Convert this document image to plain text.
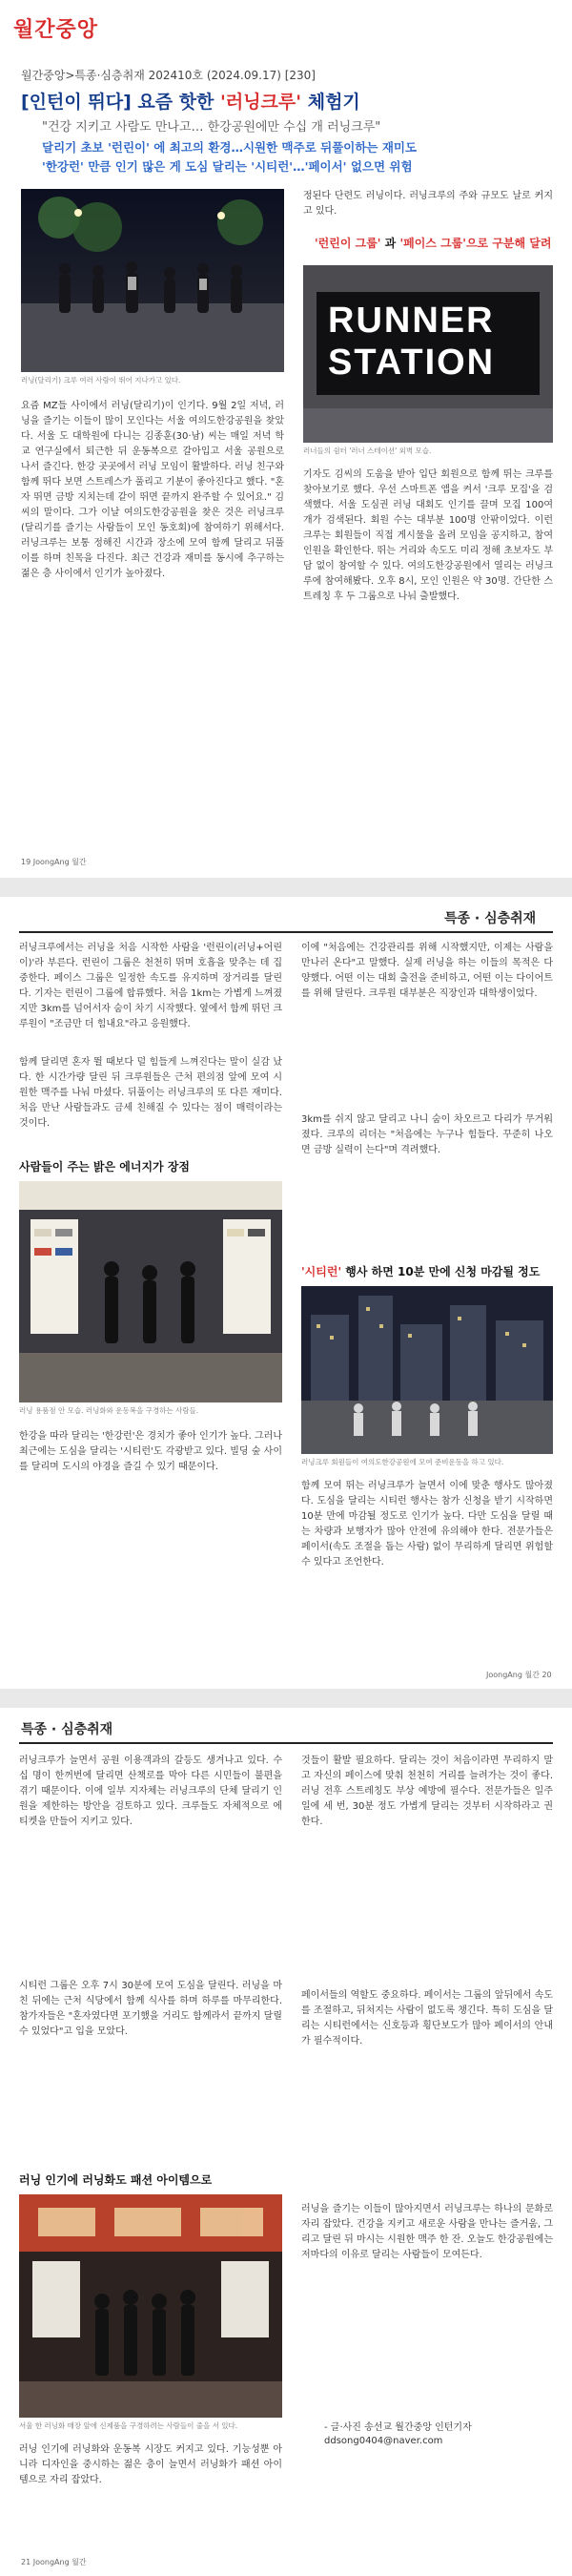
월간중앙
월간중앙>특종·심층취재 202410호 (2024.09.17) [230]
[인턴이 뛰다] 요즘 핫한 '러닝크루' 체험기
"건강 지키고 사람도 만나고… 한강공원에만 수십 개 러닝크루"
달리기 초보 '런린이' 에 최고의 환경…시원한 맥주로 뒤풀이하는 재미도
'한강런' 만큼 인기 많은 게 도심 달리는 '시티런'…'페이서' 없으면 위험
러닝(달리기) 크루 여러 사람이 뛰어 지나가고 있다.
요즘 MZ들 사이에서 러닝(달리기)이 인기다. 9월 2일 저녁, 러닝을 즐기는 이들이 많이 모인다는 서울 여의도한강공원을 찾았다. 서울 도 대학원에 다니는 김종훈(30·남) 씨는 매일 저녁 학교 연구실에서 퇴근한 뒤 운동복으로 갈아입고 서울 공원으로 나서 즐긴다. 한강 곳곳에서 러닝 모임이 활발하다. 러닝 친구와 함께 뛰다 보면 스트레스가 풀리고 기분이 좋아진다고 했다. "혼자 뛰면 금방 지치는데 같이 뛰면 끝까지 완주할 수 있어요." 김씨의 말이다. 그가 이날 여의도한강공원을 찾은 것은 러닝크루(달리기를 즐기는 사람들이 모인 동호회)에 참여하기 위해서다. 러닝크루는 보통 정해진 시간과 장소에 모여 함께 달리고 뒤풀이를 하며 친목을 다진다. 최근 건강과 재미를 동시에 추구하는 젊은 층 사이에서 인기가 높아졌다.
정된다 단련도 러닝이다. 러닝크루의 주와 규모도 날로 커지고 있다.
'런린이 그룹' 과 '페이스 그룹'으로 구분해 달려
RUNNER
STATION
러너들의 쉼터 '러너 스테이션' 외벽 모습.
기자도 김씨의 도움을 받아 입단 회원으로 함께 뛰는 크루를 찾아보기로 했다. 우선 스마트폰 앱을 켜서 '크루 모집'을 검색했다. 서울 도심권 러닝 대회도 인기를 끌며 모집 100여 개가 검색된다. 회원 수는 대부분 100명 안팎이었다. 이런 크루는 회원들이 직접 게시물을 올려 모임을 공지하고, 참여 인원을 확인한다. 뛰는 거리와 속도도 미리 정해 초보자도 부담 없이 참여할 수 있다. 여의도한강공원에서 열리는 러닝크루에 참여해봤다. 오후 8시, 모인 인원은 약 30명. 간단한 스트레칭 후 두 그룹으로 나눠 출발했다.
19 JoongAng 월간
특종 · 심층취재
러닝크루에서는 러닝을 처음 시작한 사람을 '런린이(러닝+어린이)'라 부른다. 런린이 그룹은 천천히 뛰며 호흡을 맞추는 데 집중한다. 페이스 그룹은 일정한 속도를 유지하며 장거리를 달린다. 기자는 런린이 그룹에 합류했다. 처음 1km는 가볍게 느껴졌지만 3km를 넘어서자 숨이 차기 시작했다. 옆에서 함께 뛰던 크루원이 "조금만 더 힘내요"라고 응원했다.
함께 달리면 혼자 뛸 때보다 덜 힘들게 느껴진다는 말이 실감 났다. 한 시간가량 달린 뒤 크루원들은 근처 편의점 앞에 모여 시원한 맥주를 나눠 마셨다. 뒤풀이는 러닝크루의 또 다른 재미다. 처음 만난 사람들과도 금세 친해질 수 있다는 점이 매력이라는 것이다.
사람들이 주는 밝은 에너지가 장점
러닝 용품점 안 모습. 러닝화와 운동복을 구경하는 사람들.
한강을 따라 달리는 '한강런'은 경치가 좋아 인기가 높다. 그러나 최근에는 도심을 달리는 '시티런'도 각광받고 있다. 빌딩 숲 사이를 달리며 도시의 야경을 즐길 수 있기 때문이다.
이에 "처음에는 건강관리를 위해 시작했지만, 이제는 사람을 만나러 온다"고 말했다. 실제 러닝을 하는 이들의 목적은 다양했다. 어떤 이는 대회 출전을 준비하고, 어떤 이는 다이어트를 위해 달린다. 크루원 대부분은 직장인과 대학생이었다.
3km를 쉬지 않고 달리고 나니 숨이 차오르고 다리가 무거워졌다. 크루의 리더는 "처음에는 누구나 힘들다. 꾸준히 나오면 금방 실력이 는다"며 격려했다.
'시티런' 행사 하면 10분 만에 신청 마감될 정도
러닝크루 회원들이 여의도한강공원에 모여 준비운동을 하고 있다.
함께 모여 뛰는 러닝크루가 늘면서 이에 맞춘 행사도 많아졌다. 도심을 달리는 시티런 행사는 참가 신청을 받기 시작하면 10분 만에 마감될 정도로 인기가 높다. 다만 도심을 달릴 때는 차량과 보행자가 많아 안전에 유의해야 한다. 전문가들은 페이서(속도 조절을 돕는 사람) 없이 무리하게 달리면 위험할 수 있다고 조언한다.
JoongAng 월간 20
특종 · 심층취재
러닝크루가 늘면서 공원 이용객과의 갈등도 생겨나고 있다. 수십 명이 한꺼번에 달리면 산책로를 막아 다른 시민들이 불편을 겪기 때문이다. 이에 일부 지자체는 러닝크루의 단체 달리기 인원을 제한하는 방안을 검토하고 있다. 크루들도 자체적으로 에티켓을 만들어 지키고 있다.
시티런 그룹은 오후 7시 30분에 모여 도심을 달린다. 러닝을 마친 뒤에는 근처 식당에서 함께 식사를 하며 하루를 마무리한다. 참가자들은 "혼자였다면 포기했을 거리도 함께라서 끝까지 달릴 수 있었다"고 입을 모았다.
러닝 인기에 러닝화도 패션 아이템으로
서울 한 러닝화 매장 앞에 신제품을 구경하려는 사람들이 줄을 서 있다.
러닝 인기에 러닝화와 운동복 시장도 커지고 있다. 기능성뿐 아니라 디자인을 중시하는 젊은 층이 늘면서 러닝화가 패션 아이템으로 자리 잡았다.
것들이 활발 필요하다. 달리는 것이 처음이라면 무리하지 말고 자신의 페이스에 맞춰 천천히 거리를 늘려가는 것이 좋다. 러닝 전후 스트레칭도 부상 예방에 필수다. 전문가들은 일주일에 세 번, 30분 정도 가볍게 달리는 것부터 시작하라고 권한다.
페이서들의 역할도 중요하다. 페이서는 그룹의 앞뒤에서 속도를 조절하고, 뒤처지는 사람이 없도록 챙긴다. 특히 도심을 달리는 시티런에서는 신호등과 횡단보도가 많아 페이서의 안내가 필수적이다.
러닝을 즐기는 이들이 많아지면서 러닝크루는 하나의 문화로 자리 잡았다. 건강을 지키고 새로운 사람을 만나는 즐거움, 그리고 달린 뒤 마시는 시원한 맥주 한 잔. 오늘도 한강공원에는 저마다의 이유로 달리는 사람들이 모여든다.
- 글·사진 송선교 월간중앙 인턴기자
ddsong0404@naver.com
21 JoongAng 월간
